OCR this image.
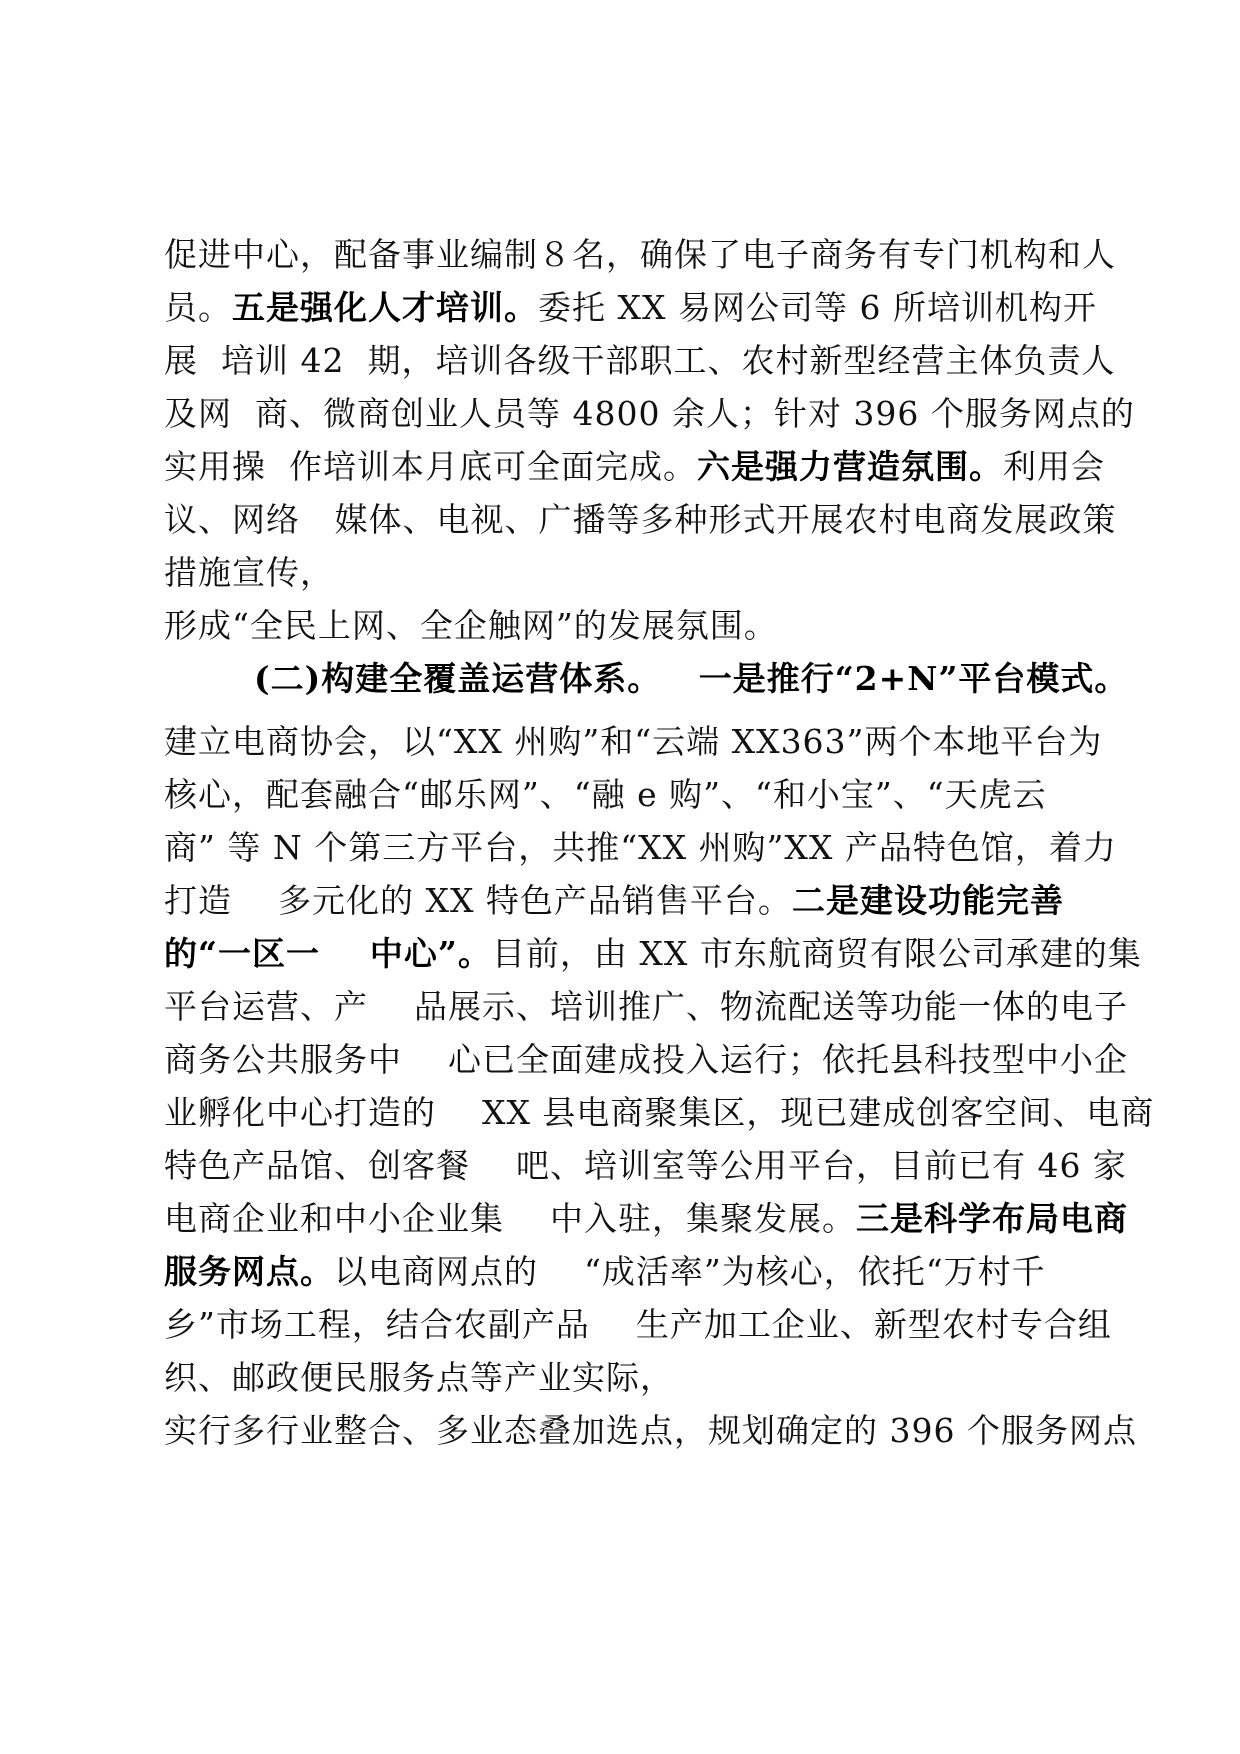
促进中心，配备事业编制８名，确保了电子商务有专门机构和人
员。五是强化人才培训。委托 XX 易网公司等 6 所培训机构开
展  培训 42  期，培训各级干部职工、农村新型经营主体负责人
及网  商、微商创业人员等 4800 余人；针对 396 个服务网点的
实用操  作培训本月底可全面完成。六是强力营造氛围。利用会
议、网络   媒体、电视、广播等多种形式开展农村电商发展政策
措施宣传，
形成“全民上网、全企触网”的发展氛围。
(二)构建全覆盖运营体系。   一是推行“2+N”平台模式。
建立电商协会，以“XX 州购”和“云端 XX363”两个本地平台为
核心，配套融合“邮乐网”、“融 e 购”、“和小宝”、“天虎云
商” 等 N 个第三方平台，共推“XX 州购”XX 产品特色馆，着力
打造    多元化的 XX 特色产品销售平台。二是建设功能完善
的“一区一    中心”。目前，由 XX 市东航商贸有限公司承建的集
平台运营、产    品展示、培训推广、物流配送等功能一体的电子
商务公共服务中    心已全面建成投入运行；依托县科技型中小企
业孵化中心打造的    XX 县电商聚集区，现已建成创客空间、电商
特色产品馆、创客餐    吧、培训室等公用平台，目前已有 46 家
电商企业和中小企业集    中入驻，集聚发展。三是科学布局电商
服务网点。以电商网点的    “成活率”为核心，依托“万村千
乡”市场工程，结合农副产品    生产加工企业、新型农村专合组
织、邮政便民服务点等产业实际，
实行多行业整合、多业态叠加选点，规划确定的 396 个服务网点
